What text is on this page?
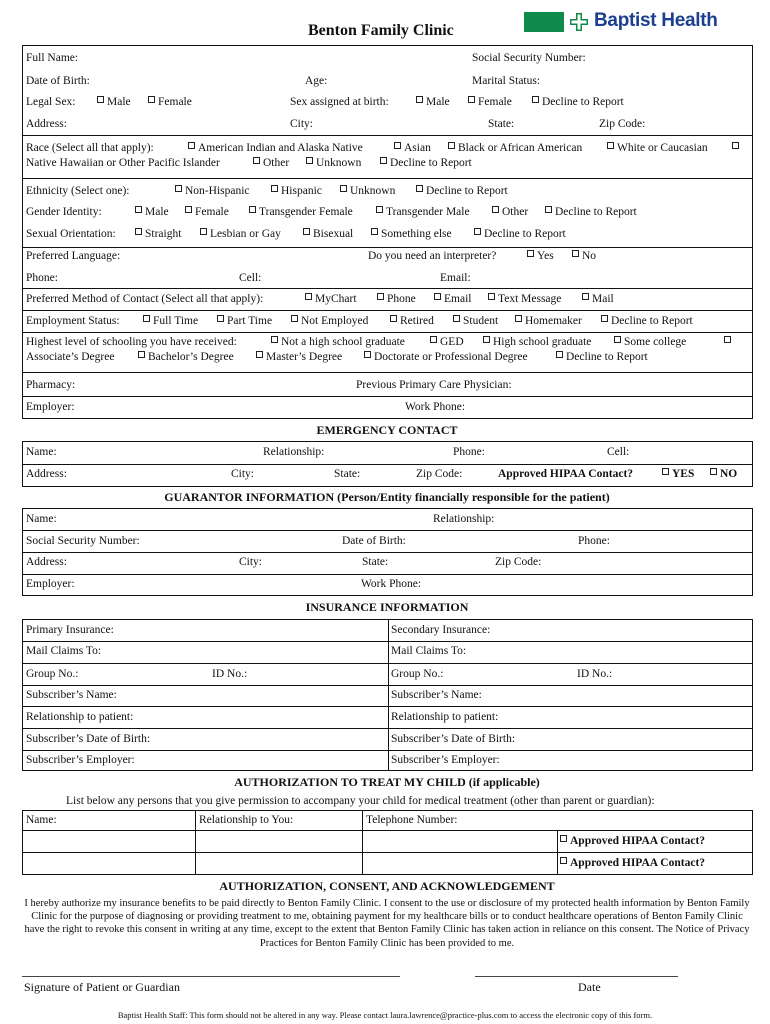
Benton Family Clinic	Baptist Health
Full Name:	Social Security Number:
Date of Birth:	Age:	Marital Status:
Legal Sex:	Male	Female	Sex assigned at birth:	Male	Female	Decline to Report
Address:	City:	State:	Zip Code:
Race (Select all that apply):	American Indian and Alaska Native	Asian	Black or African American	White or Caucasian
Native Hawaiian or Other Pacific Islander	Other	Unknown	Decline to Report
Ethnicity (Select one):	Non-Hispanic	Hispanic	Unknown	Decline to Report
Gender Identity:	Male	Female	Transgender Female	Transgender Male	Other	Decline to Report
Sexual Orientation:	Straight	Lesbian or Gay	Bisexual	Something else	Decline to Report
Preferred Language:	Do you need an interpreter?	Yes	No
Phone:	Cell:	Email:
Preferred Method of Contact (Select all that apply):	MyChart	Phone	Email	Text Message	Mail
Employment Status:	Full Time	Part Time	Not Employed	Retired	Student	Homemaker	Decline to Report
Highest level of schooling you have received:	Not a high school graduate	GED	High school graduate	Some college
Associate’s Degree	Bachelor’s Degree	Master’s Degree	Doctorate or Professional Degree	Decline to Report
Pharmacy:	Previous Primary Care Physician:
Employer:	Work Phone:
EMERGENCY CONTACT
Name:	Relationship:	Phone:	Cell:
Address:	City:	State:	Zip Code:	Approved HIPAA Contact?	YES	NO
GUARANTOR INFORMATION (Person/Entity financially responsible for the patient)
Name:	Relationship:
Social Security Number:	Date of Birth:	Phone:
Address:	City:	State:	Zip Code:
Employer:	Work Phone:
INSURANCE INFORMATION
Primary Insurance:	Secondary Insurance:
Mail Claims To:	Mail Claims To:
Group No.:	ID No.:	Group No.:	ID No.:
Subscriber’s Name:	Subscriber’s Name:
Relationship to patient:	Relationship to patient:
Subscriber’s Date of Birth:	Subscriber’s Date of Birth:
Subscriber’s Employer:	Subscriber’s Employer:
AUTHORIZATION TO TREAT MY CHILD (if applicable)
List below any persons that you give permission to accompany your child for medical treatment (other than parent or guardian):
Name:	Relationship to You:	Telephone Number:
Approved HIPAA Contact?
Approved HIPAA Contact?
AUTHORIZATION, CONSENT, AND ACKNOWLEDGEMENT
I hereby authorize my insurance benefits to be paid directly to Benton Family Clinic. I consent to the use or disclosure of my protected health information by Benton Family Clinic for the purpose of diagnosing or providing treatment to me, obtaining payment for my healthcare bills or to conduct healthcare operations of Benton Family Clinic have the right to revoke this consent in writing at any time, except to the extent that Benton Family Clinic has taken action in reliance on this consent. The Notice of Privacy Practices for Benton Family Clinic has been provided to me.
Signature of Patient or Guardian	Date
Baptist Health Staff: This form should not be altered in any way. Please contact laura.lawrence@practice-plus.com to access the electronic copy of this form.
